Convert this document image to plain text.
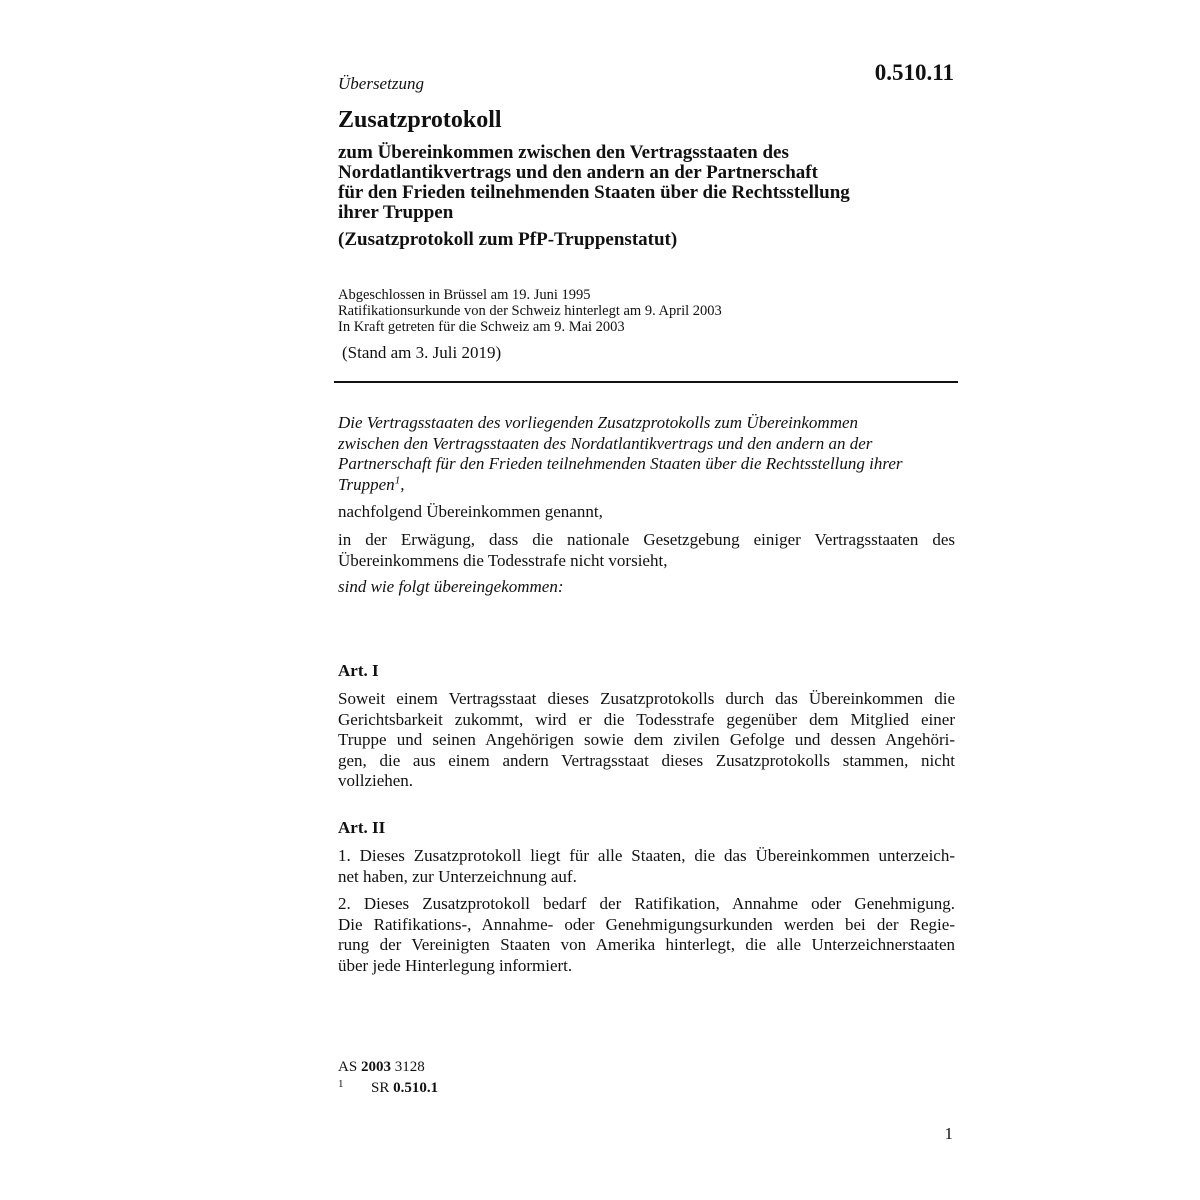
Übersetzung	0.510.11

Zusatzprotokoll
zum Übereinkommen zwischen den Vertragsstaaten des
Nordatlantikvertrags und den andern an der Partnerschaft
für den Frieden teilnehmenden Staaten über die Rechtsstellung
ihrer Truppen

(Zusatzprotokoll zum PfP-Truppenstatut)

Abgeschlossen in Brüssel am 19. Juni 1995
Ratifikationsurkunde von der Schweiz hinterlegt am 9. April 2003
In Kraft getreten für die Schweiz am 9. Mai 2003

(Stand am 3. Juli 2019)

Die Vertragsstaaten des vorliegenden Zusatzprotokolls zum Übereinkommen
zwischen den Vertragsstaaten des Nordatlantikvertrags und den andern an der
Partnerschaft für den Frieden teilnehmenden Staaten über die Rechtsstellung ihrer
Truppen$^1$,
nachfolgend Übereinkommen genannt,
in der Erwägung, dass die nationale Gesetzgebung einiger Vertragsstaaten des
Übereinkommens die Todesstrafe nicht vorsieht,
sind wie folgt übereingekommen:

Art. I

Soweit einem Vertragsstaat dieses Zusatzprotokolls durch das Übereinkommen die
Gerichtsbarkeit zukommt, wird er die Todesstrafe gegenüber dem Mitglied einer
Truppe und seinen Angehörigen sowie dem zivilen Gefolge und dessen Angehöri-
gen, die aus einem andern Vertragsstaat dieses Zusatzprotokolls stammen, nicht
vollziehen.

Art. II

1. Dieses Zusatzprotokoll liegt für alle Staaten, die das Übereinkommen unterzeich-
net haben, zur Unterzeichnung auf.
2. Dieses Zusatzprotokoll bedarf der Ratifikation, Annahme oder Genehmigung.
Die Ratifikations-, Annahme- oder Genehmigungsurkunden werden bei der Regie-
rung der Vereinigten Staaten von Amerika hinterlegt, die alle Unterzeichnerstaaten
über jede Hinterlegung informiert.

AS 2003 3128

$^1$ SR 0.510.1

1
